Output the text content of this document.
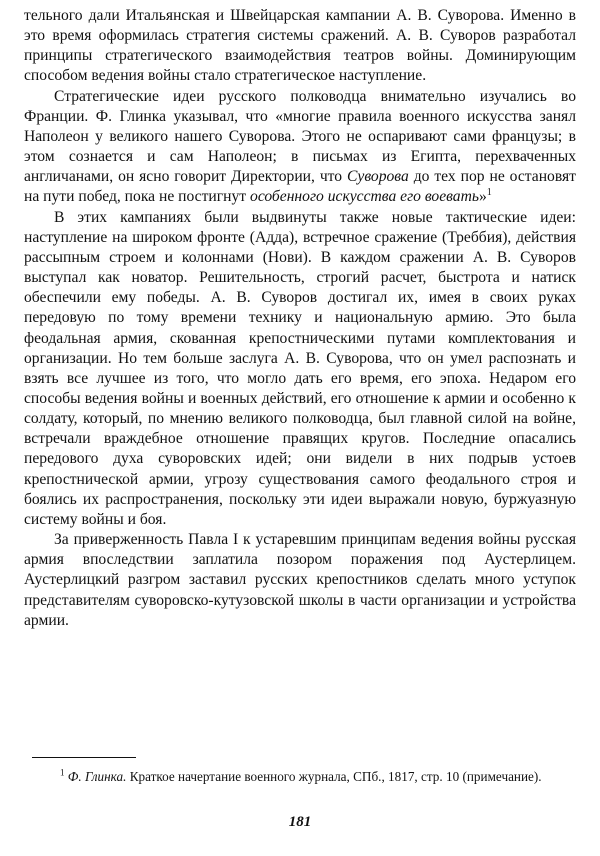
тельного дали Итальянская и Швейцарская кампании А. В. Суворова. Именно в это время оформилась стратегия системы сражений. А. В. Суворов разработал принципы стратегического взаимодействия театров войны. Доминирующим способом ведения войны стало стратегическое наступление.

Стратегические идеи русского полководца внимательно изучались во Франции. Ф. Глинка указывал, что «многие правила военного искусства занял Наполеон у великого нашего Суворова. Этого не оспаривают сами французы; в этом сознается и сам Наполеон; в письмах из Египта, перехваченных англичанами, он ясно говорит Директории, что Суворова до тех пор не остановят на пути побед, пока не постигнут особенного искусства его воевать»$^1$

В этих кампаниях были выдвинуты также новые тактические идеи: наступление на широком фронте (Адда), встречное сражение (Треббия), действия рассыпным строем и колоннами (Нови). В каждом сражении А. В. Суворов выступал как новатор. Решительность, строгий расчет, быстрота и натиск обеспечили ему победы. А. В. Суворов достигал их, имея в своих руках передовую по тому времени технику и национальную армию. Это была феодальная армия, скованная крепостническими путами комплектования и организации. Но тем больше заслуга А. В. Суворова, что он умел распознать и взять все лучшее из того, что могло дать его время, его эпоха. Недаром его способы ведения войны и военных действий, его отношение к армии и особенно к солдату, который, по мнению великого полководца, был главной силой на войне, встречали враждебное отношение правящих кругов. Последние опасались передового духа суворовских идей; они видели в них подрыв устоев крепостнической армии, угрозу существования самого феодального строя и боялись их распространения, поскольку эти идеи выражали новую, буржуазную систему войны и боя.

За приверженность Павла I к устаревшим принципам ведения войны русская армия впоследствии заплатила позором поражения под Аустерлицем. Аустерлицкий разгром заставил русских крепостников сделать много уступок представителям суворовско-кутузовской школы в части организации и устройства армии.

$^1$ Ф. Глинка. Краткое начертание военного журнала, СПб., 1817, стр. 10 (примечание).
181
